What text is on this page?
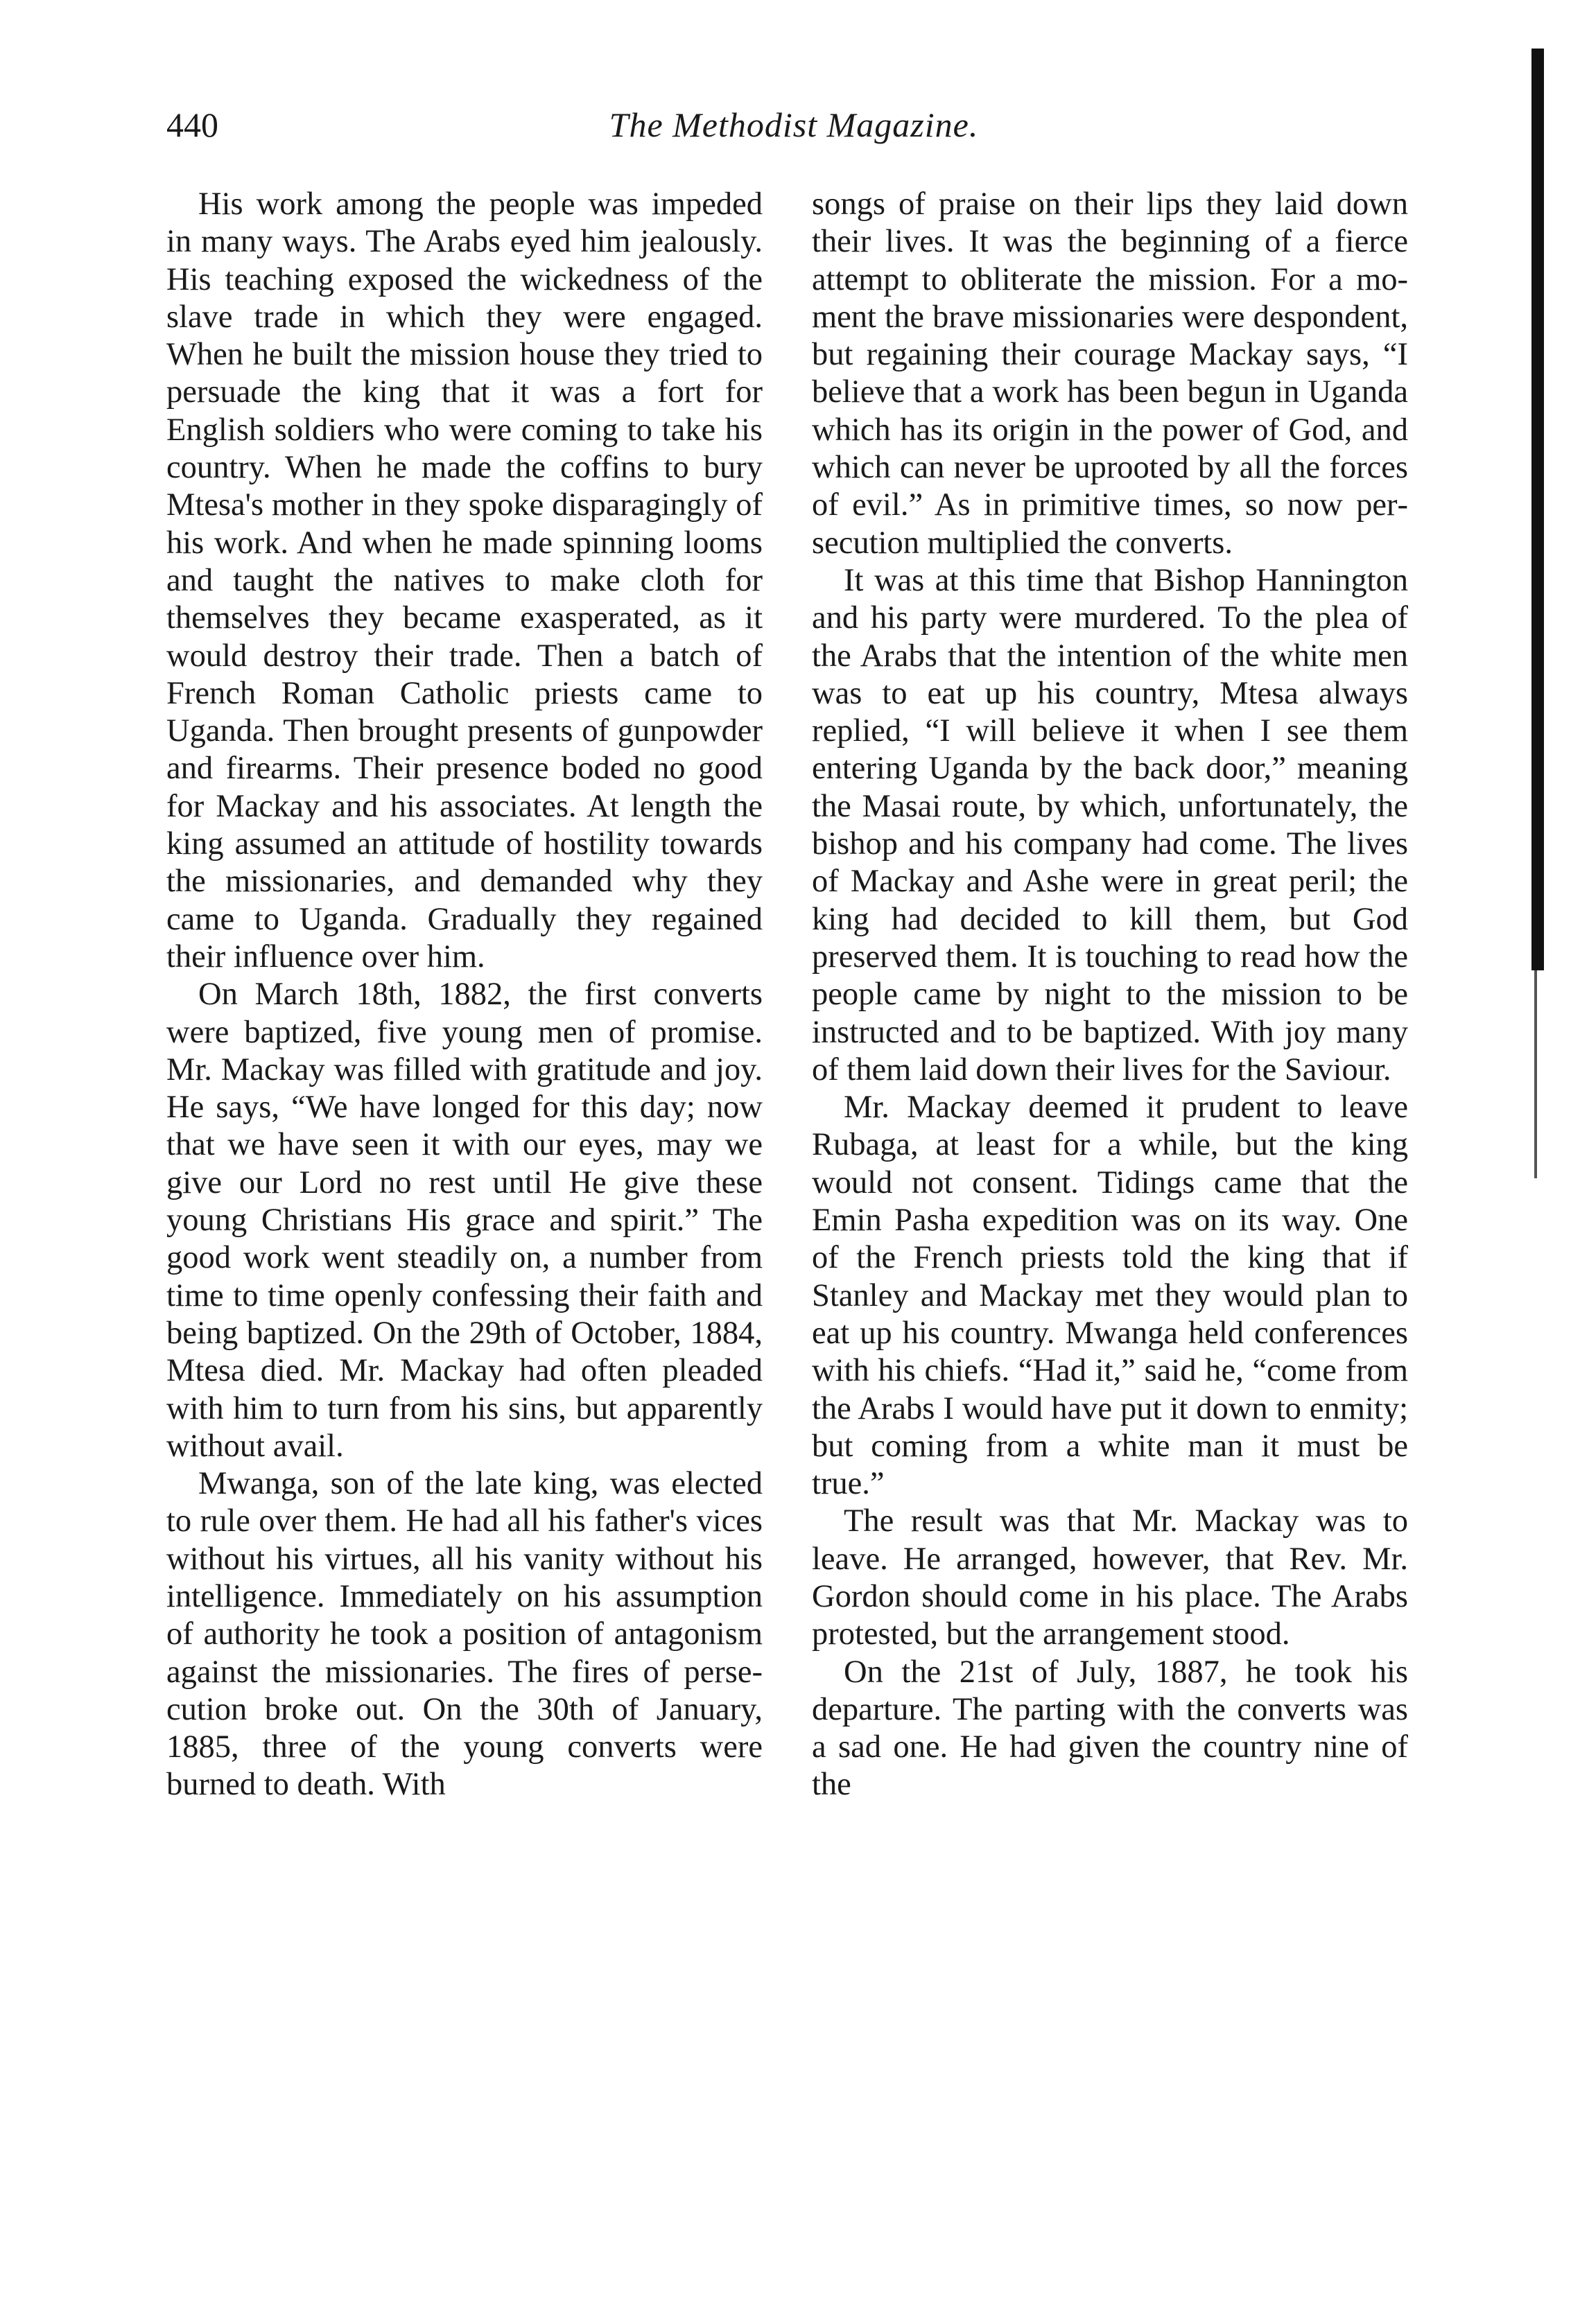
440	The Methodist Magazine.

His work among the people was impeded in many ways. The Arabs eyed him jealously. His teaching exposed the wickedness of the slave trade in which they were engaged. When he built the mission house they tried to persuade the king that it was a fort for English soldiers who were coming to take his country. When he made the coffins to bury Mtesa's mother in they spoke disparagingly of his work. And when he made spinning looms and taught the natives to make cloth for themselves they became exasperated, as it would destroy their trade. Then a batch of French Roman Catholic priests came to Uganda. Then brought presents of gunpowder and firearms. Their presence boded no good for Mackay and his associates. At length the king assumed an attitude of hostility towards the missionaries, and demanded why they came to Uganda. Gradually they regained their influence over him.

On March 18th, 1882, the first converts were baptized, five young men of promise. Mr. Mackay was filled with gratitude and joy. He says, “We have longed for this day; now that we have seen it with our eyes, may we give our Lord no rest until He give these young Christians His grace and spirit.” The good work went steadily on, a number from time to time openly confessing their faith and being baptized. On the 29th of October, 1884, Mtesa died. Mr. Mackay had often pleaded with him to turn from his sins, but apparently without avail.

Mwanga, son of the late king, was elected to rule over them. He had all his father's vices without his virtues, all his vanity without his intelligence. Immediately on his assumption of authority he took a position of antagonism against the missionaries. The fires of persecution broke out. On the 30th of January, 1885, three of the young converts were burned to death. With

songs of praise on their lips they laid down their lives. It was the beginning of a fierce attempt to obliterate the mission. For a moment the brave missionaries were despondent, but regaining their courage Mackay says, “I believe that a work has been begun in Uganda which has its origin in the power of God, and which can never be uprooted by all the forces of evil.” As in primitive times, so now persecution multiplied the converts.

It was at this time that Bishop Hannington and his party were murdered. To the plea of the Arabs that the intention of the white men was to eat up his country, Mtesa always replied, “I will believe it when I see them entering Uganda by the back door,” meaning the Masai route, by which, unfortunately, the bishop and his company had come. The lives of Mackay and Ashe were in great peril; the king had decided to kill them, but God preserved them. It is touching to read how the people came by night to the mission to be instructed and to be baptized. With joy many of them laid down their lives for the Saviour.

Mr. Mackay deemed it prudent to leave Rubaga, at least for a while, but the king would not consent. Tidings came that the Emin Pasha expedition was on its way. One of the French priests told the king that if Stanley and Mackay met they would plan to eat up his country. Mwanga held conferences with his chiefs. “Had it,” said he, “come from the Arabs I would have put it down to enmity; but coming from a white man it must be true.”

The result was that Mr. Mackay was to leave. He arranged, however, that Rev. Mr. Gordon should come in his place. The Arabs protested, but the arrangement stood.

On the 21st of July, 1887, he took his departure. The parting with the converts was a sad one. He had given the country nine of the
